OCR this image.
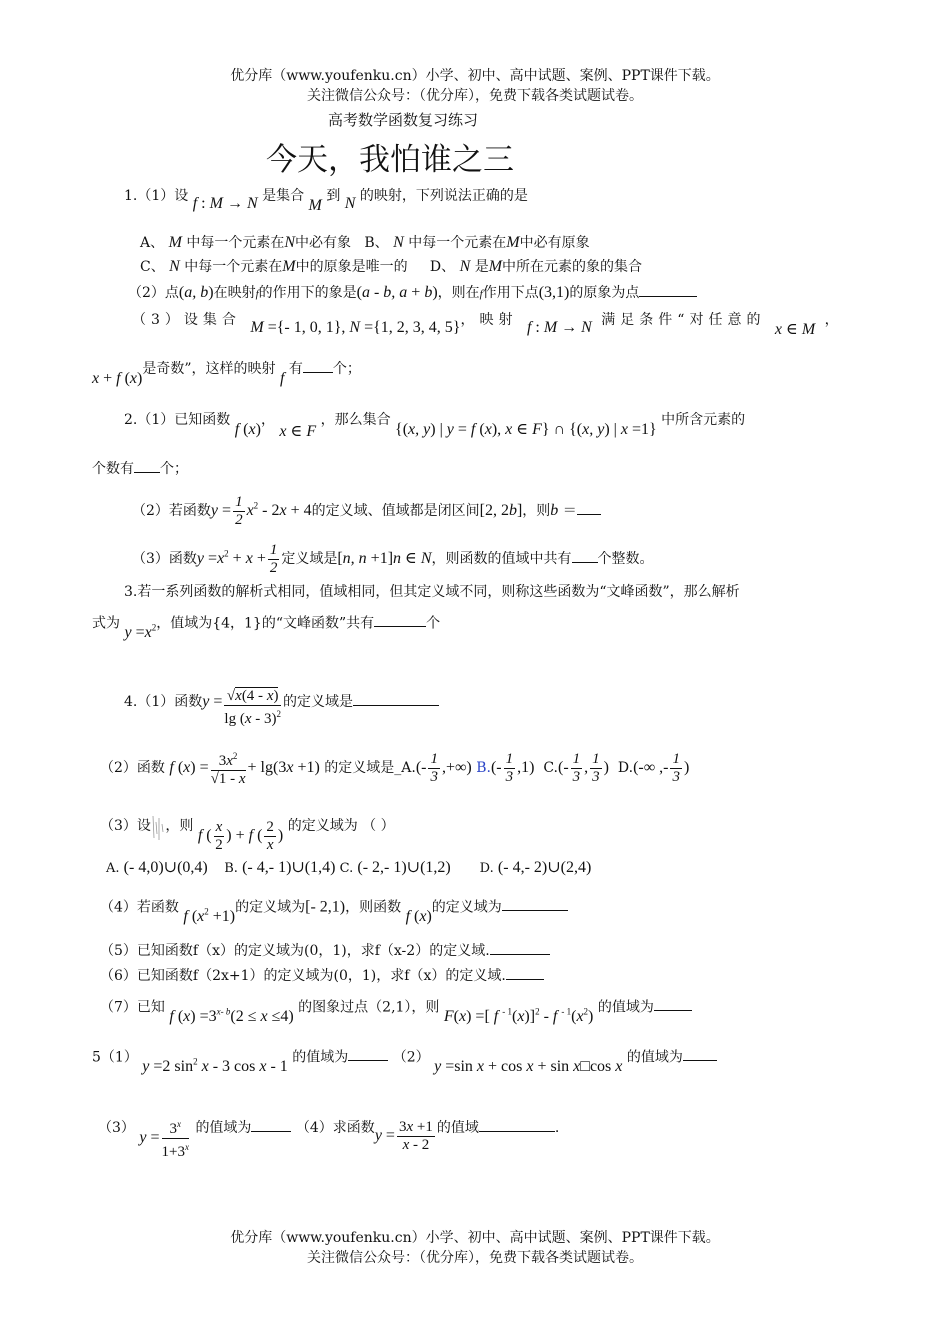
优分库（www.youfenku.cn）小学、初中、高中试题、案例、PPT课件下载。
关注微信公众号：（优分库），免费下载各类试题试卷。
高考数学函数复习练习
今天，我怕谁之三
1.（1）设 f : M → N 是集合 M 到 N 的映射，下列说法正确的是
A、 M 中每一个元素在N中必有象 B、 N 中每一个元素在M中必有原象
C、 N 中每一个元素在M中的原象是唯一的 D、 N 是M中所在元素的象的集合
（2）点(a, b)在映射f的作用下的象是(a - b, a + b)，则在f作用下点(3,1)的原象为点
（3）设集合 M ={- 1, 0, 1}, N ={1, 2, 3, 4, 5}，映射 f : M → N 满足条件“对任意的 x ∈ M ，
x + f (x)是奇数”，这样的映射 f 有 个；
2.（1）已知函数 f (x)， x ∈ F ，那么集合 {(x, y) | y = f (x), x ∈ F} ∩ {(x, y) | x =1} 中所含元素的
个数有 个；
（2）若函数$y = \frac{1}{2} x^2 - 2x + 4$的定义域、值域都是闭区间[2, 2b]，则b ＝
（3）函数$y =x^2 + x + \frac{1}{2}$ 定义域是[n, n +1]n ∈ N，则函数的值域中共有 个整数。
3.若一系列函数的解析式相同，值域相同，但其定义域不同，则称这些函数为“文峰函数”，那么解析
式为 $y =x^2$，值域为{4，1}的“文峰函数”共有	个
4.（1）函数$y = \frac{√x(4 - x)}{\lg (x - 3)^2}$ 的定义域是
（2）函数 f $(x) = \frac{3x^2}{√1 - x} + \lg(3x +1)$ 的定义域是_A.(- $\frac{1}{3}$ ,+∞) $B.(- \frac{1}{3} ,1)$ $C.(- \frac{1}{3}$ , $\frac{1}{3}$ ) D.(-∞ ,- $\frac{1}{3}$ )
（3）设 ，则 f ( $\frac{x}{2}$ ) + f ( $\frac{2}{x}$ ) 的定义域为 （ ）
A. (- 4,0)∪(0,4) B. (- 4,- 1)∪(1,4) C. (- 2,- 1)∪(1,2) D. (- 4,- 2)∪(2,4)
（4）若函数 f $(x^2 +1)$的定义域为[- 2,1)，则函数 f (x)的定义域为
（5）已知函数f（x）的定义域为(0，1)，求f（x-2）的定义域.
（6）已知函数f（2x+1）的定义域为(0，1)，求f（x）的定义域.
（7）已知 f $(x) =3^{x- b}(2 \le x \le 4)$ 的图象过点（2,1），则 F(x) =[ f $^{- 1}$(x)]$^2$ - f $^{- 1}(x^2)$ 的值域为
5（1） y =2 $\sin^2 x - 3$ cos x - 1 的值域为	（2） y =sin x + cos x + sin x□cos x 的值域为
（3） $y = \frac{3^x}{1+3^x}$ 的值域为	（4）求函数$y = \frac{3x +1}{x - 2}$ 的值域	.
优分库（www.youfenku.cn）小学、初中、高中试题、案例、PPT课件下载。
关注微信公众号：（优分库），免费下载各类试题试卷。
